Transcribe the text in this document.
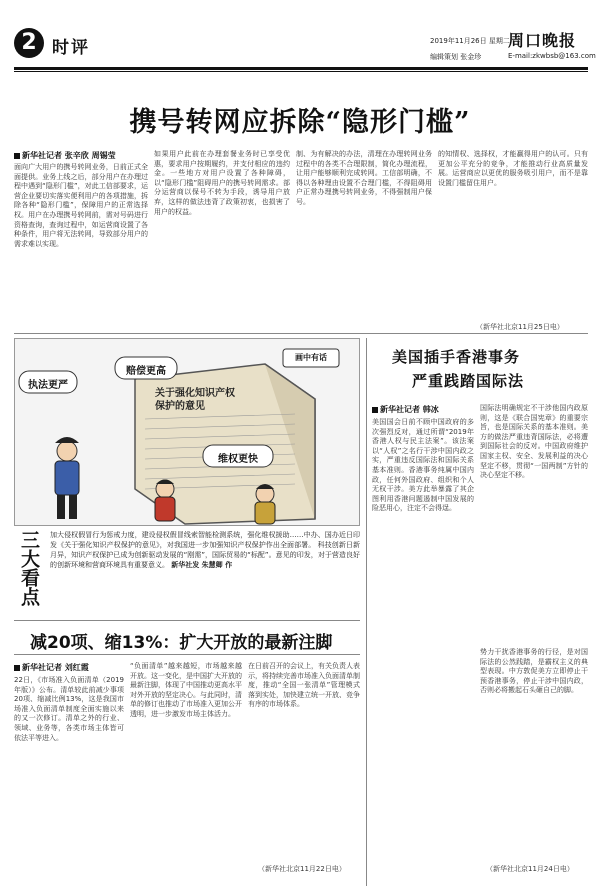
2 时评	2019年11月26日 星期二
周口晚报
编辑策划 张金珍	E-mail:zkwbsb@163.com
携号转网应拆除“隐形门槛”
新华社记者 张辛欣 周锡莹
面向广大用户的携号转网业务，日前正式全面提供。业务上线之后，部分用户在办理过程中遇到“隐形门槛”，对此工信部要求，运营企业要切实落实便利用户的各项措施，拆除各种“隐形门槛”，保障用户的正常选择权。用户在办理携号转网前，需对号码进行资格查询，查询过程中，如运营商设置了各种条件，用户将无法转网，导致部分用户的需求难以实现。
如果用户此前在办理套餐业务时已享受优惠，要求用户按期履约，并支付相应的违约金。一些地方对用户设置了各种障碍，以“隐形门槛”阻碍用户的携号转网需求。部分运营商以保号不转为手段，诱导用户放弃，这样的做法违背了政策初衷，也损害了用户的权益。
制、为有解决的办法，清理在办理转网业务过程中的各类不合理限制，简化办理流程，让用户能够顺利完成转网。工信部明确，不得以各种理由设置不合理门槛，不得阻碍用户正常办理携号转网业务，不得强制用户保号。
的知情权、选择权，才能赢得用户的认可。只有更加公平充分的竞争，才能推动行业高质量发展。运营商应以更优的服务吸引用户，而不是靠设置门槛留住用户。
（新华社北京11月25日电）
执法更严
赔偿更高
维权更快
画中有话
关于强化知识产权保护的意见
三大看点 加大侵权假冒行为惩戒力度，建设侵权假冒线索智能检测系统，强化维权援助……中办、国办近日印发《关于强化知识产权保护的意见》，对我国进一步加强知识产权保护作出全面部署。 科技创新日新月异，知识产权保护已成为创新驱动发展的“刚需”，国际贸易的“标配”。意见的印发，对于营造良好的创新环境和营商环境具有重要意义。 新华社发 朱慧卿 作
美国插手香港事务
严重践踏国际法
新华社记者 韩冰
美国国会日前不顾中国政府的多次强烈反对，通过所谓“2019年香港人权与民主法案”。该法案以“人权”之名行干涉中国内政之实，严重违反国际法和国际关系基本准则。香港事务纯属中国内政，任何外国政府、组织和个人无权干涉。美方此举暴露了其企图利用香港问题遏制中国发展的险恶用心，注定不会得逞。
国际法明确规定不干涉他国内政原则，这是《联合国宪章》的重要宗旨，也是国际关系的基本准则。美方的做法严重违背国际法，必将遭到国际社会的反对。中国政府维护国家主权、安全、发展利益的决心坚定不移，贯彻“一国两制”方针的决心坚定不移。
势力干扰香港事务的行径，是对国际法的公然践踏，是霸权主义的典型表现。中方敦促美方立即停止干预香港事务，停止干涉中国内政，否则必将搬起石头砸自己的脚。
（新华社北京11月24日电）
减20项、缩13%：扩大开放的最新注脚
新华社记者 刘红霞
22日，《市场准入负面清单（2019年版）》公布。清单较此前减少事项20项、缩减比例13%，这是我国市场准入负面清单制度全面实施以来的又一次修订。清单之外的行业、领域、业务等，各类市场主体皆可依法平等进入。
“负面清单”越来越短，市场越来越开放。这一变化，是中国扩大开放的最新注脚，体现了中国推动更高水平对外开放的坚定决心。与此同时，清单的修订也推动了市场准入更加公开透明，进一步激发市场主体活力。
在日前召开的会议上，有关负责人表示，将持续完善市场准入负面清单制度，推动“全国一张清单”管理模式落到实处，加快建立统一开放、竞争有序的市场体系。
（新华社北京11月22日电）
